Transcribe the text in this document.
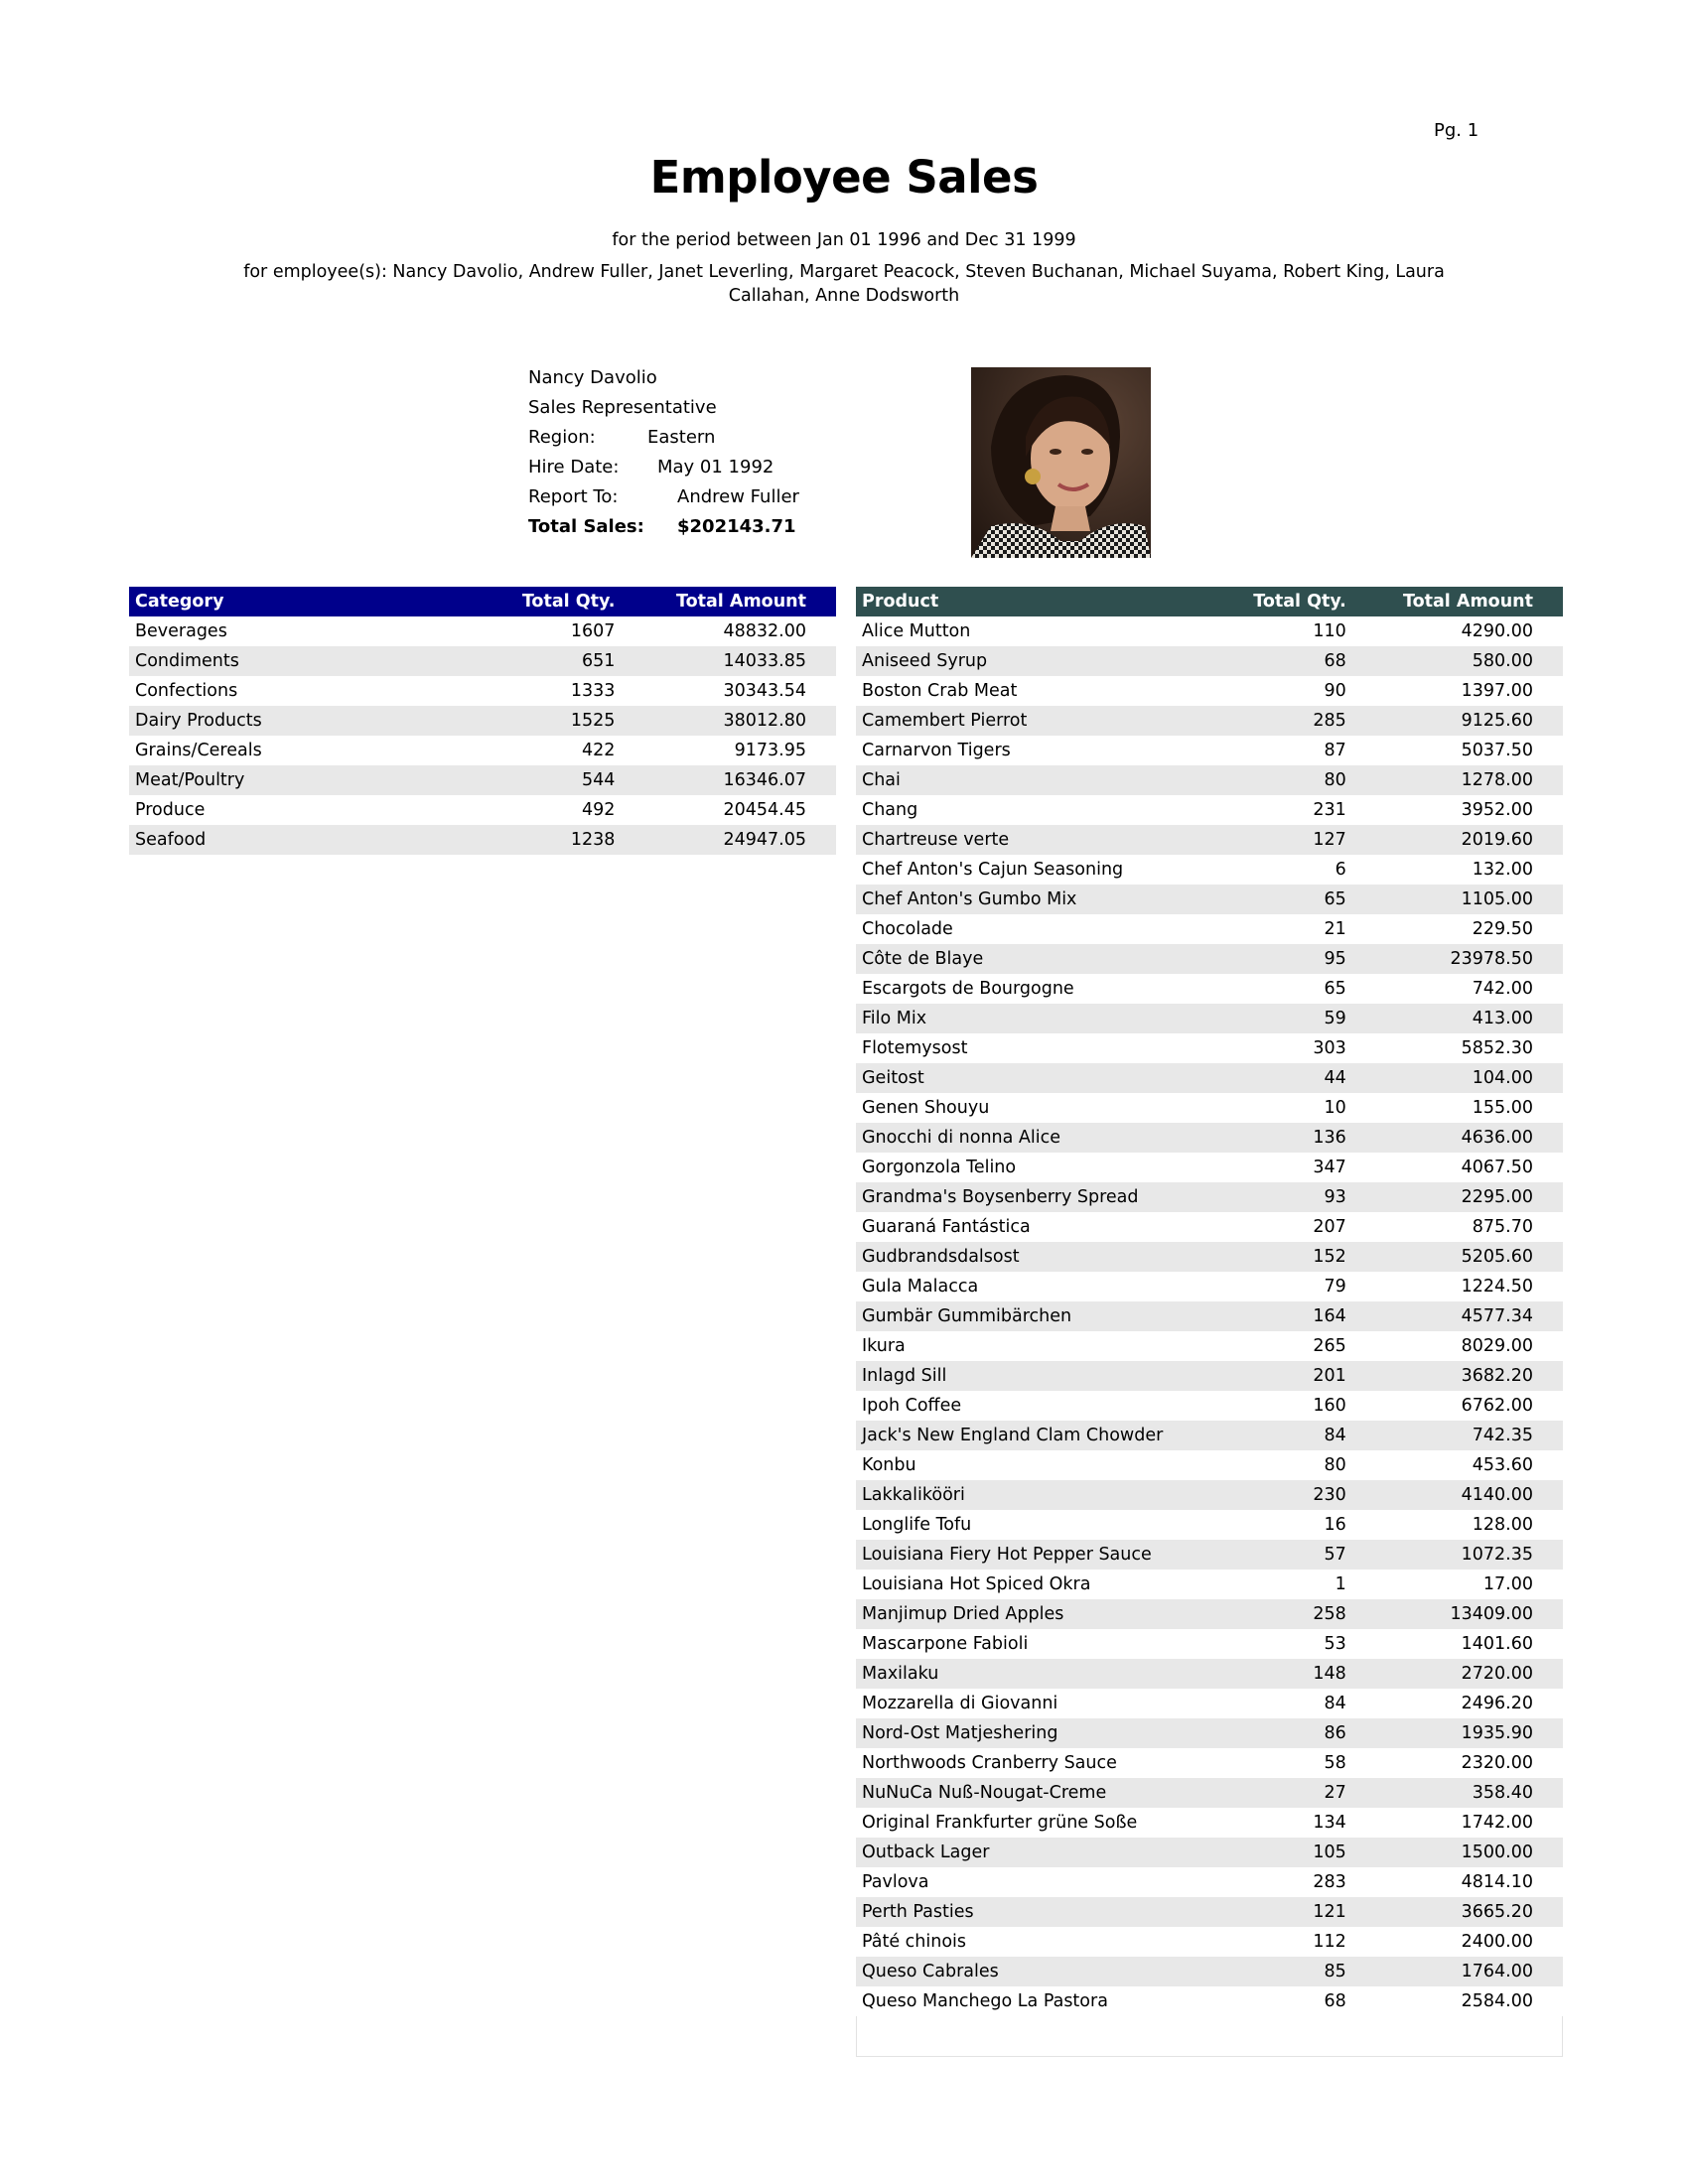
Pg. 1
Employee Sales
for the period between Jan 01 1996 and Dec 31 1999
for employee(s): Nancy Davolio, Andrew Fuller, Janet Leverling, Margaret Peacock, Steven Buchanan, Michael Suyama, Robert King, Laura Callahan, Anne Dodsworth
Nancy Davolio
Sales Representative
Region:	Eastern
Hire Date: May 01 1992
Report To:	Andrew Fuller
Total Sales: $202143.71
Category	Total Qty.	Total Amount
Beverages	1607	48832.00
Condiments	651	14033.85
Confections	1333	30343.54
Dairy Products	1525	38012.80
Grains/Cereals	422	9173.95
Meat/Poultry	544	16346.07
Produce	492	20454.45
Seafood	1238	24947.05
Product	Total Qty.	Total Amount
Alice Mutton	110	4290.00
Aniseed Syrup	68	580.00
Boston Crab Meat	90	1397.00
Camembert Pierrot	285	9125.60
Carnarvon Tigers	87	5037.50
Chai	80	1278.00
Chang	231	3952.00
Chartreuse verte	127	2019.60
Chef Anton's Cajun Seasoning	6	132.00
Chef Anton's Gumbo Mix	65	1105.00
Chocolade	21	229.50
Côte de Blaye	95	23978.50
Escargots de Bourgogne	65	742.00
Filo Mix	59	413.00
Flotemysost	303	5852.30
Geitost	44	104.00
Genen Shouyu	10	155.00
Gnocchi di nonna Alice	136	4636.00
Gorgonzola Telino	347	4067.50
Grandma's Boysenberry Spread	93	2295.00
Guaraná Fantástica	207	875.70
Gudbrandsdalsost	152	5205.60
Gula Malacca	79	1224.50
Gumbär Gummibärchen	164	4577.34
Ikura	265	8029.00
Inlagd Sill	201	3682.20
Ipoh Coffee	160	6762.00
Jack's New England Clam Chowder	84	742.35
Konbu	80	453.60
Lakkalikööri	230	4140.00
Longlife Tofu	16	128.00
Louisiana Fiery Hot Pepper Sauce	57	1072.35
Louisiana Hot Spiced Okra	1	17.00
Manjimup Dried Apples	258	13409.00
Mascarpone Fabioli	53	1401.60
Maxilaku	148	2720.00
Mozzarella di Giovanni	84	2496.20
Nord-Ost Matjeshering	86	1935.90
Northwoods Cranberry Sauce	58	2320.00
NuNuCa Nuß-Nougat-Creme	27	358.40
Original Frankfurter grüne Soße	134	1742.00
Outback Lager	105	1500.00
Pavlova	283	4814.10
Perth Pasties	121	3665.20
Pâté chinois	112	2400.00
Queso Cabrales	85	1764.00
Queso Manchego La Pastora	68	2584.00
